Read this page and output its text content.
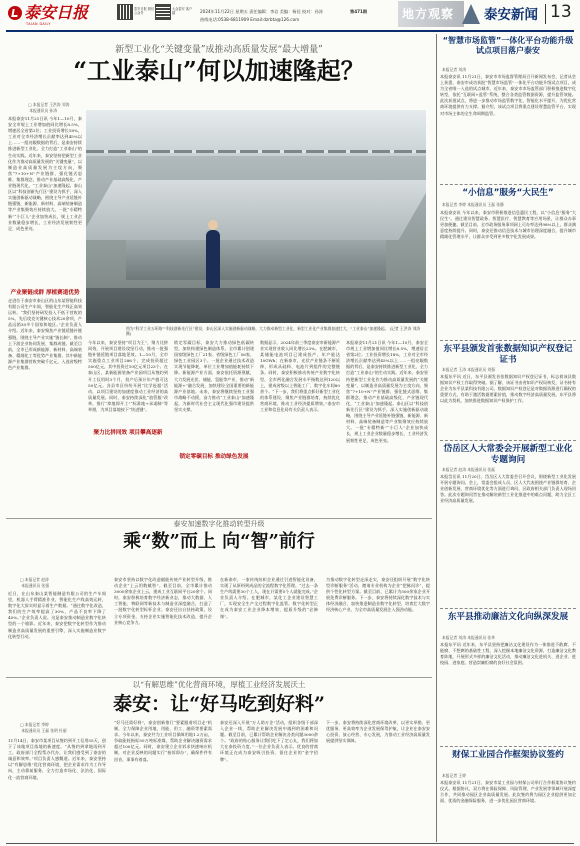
泰安日报
TAIAN DAILY
泰安日报 微信公众号
大众泰安 客户端	2024年11月22日 星期五 责任编辑：李岩 美编：杨佳 校对：孙涛	第471期
热线电话:0538-6811909 Email:dzrbta@126.com	地方观察 泰安新闻 13
新型工业化“关键变量”成推动高质量发展“最大增量”
“工业泰山”何以加速隆起？
□ 本报记者 王洪涛 刘涛
本报通讯员 孙涛
图为“科学工业五环路”“科技创新先行区”建设，泰山区深入实施创新驱动战略，大力推动新型工业化，新型工业化产业集群加速壮大，“工业泰山”加速隆起。 (记者 王洪涛 刘涛 摄)
本报泰安11月21日讯 今年1—10月，泰安全市规上工业增加值同比增长8.5%，增速居全省第2位；工业投资增长18%，工业对全市经济增长贡献率达到45%以上……一组亮眼数据的背后，是泰安持续推进新型工业化、全力打造“工业泰山”的生动实践。近年来，泰安坚持把新型工业化作为推动高质量发展的“关键变量”，以制造业高质量发展为主攻方向，聚焦“7+10+N”产业链群，强化链式思维、集群理念，推动产业基础高级化、产业链现代化，“工业泰山”加速隆起。泰山区以“科技创新先行区”建设为抓手，深入实施创新驱动战略，围绕主导产业延链补链强链，新能源、新材料、高端装备制造等产业集聚效应持续放大。一批“专精特新”“小巨人”企业加快成长，规上工业企业数量稳步增长，工业经济发展韧性更足、成色更亮。
产业聚链成群 厚植赛道优势
走进位于泰安市泰山区的山东某智能科技有限公司生产车间，智能化生产线正高效运转。“我们坚持研发投入不低于营收的5%，先后攻克关键核心技术20余项，产品远销30多个国家和地区。”企业负责人介绍。近年来，泰安聚焦产业链延链补链强链，围绕主导产业实施“链长制”，推动上下游企业协同发展、集群成链。截至目前，全市已形成新能源、新材料、高端装备、精细化工等优势产业集群，其中新能源产业集群营收突破千亿元，入选省级特色产业集群。
今年以来，泰安坚持“项目为王”，聚力比拼同效，开展项目建设攻坚行动，推动一批强链补链延链项目落地见效。1—10月，全市实施重点工业项目286个，完成投资超过500亿元，其中投资过10亿元项目23个。在泰山区，某新能源装备产业园项目从签约到开工仅用时3个月，投产后预计年产值可达50亿元。各县市区纷纷开展“比学赶超”活动，以项目建设的加速度推动工业经济的高质量发展。同时，泰安持续深化“放管服”改革，推行“拿地即开工”“标准地+承诺制”等举措，为项目落地按下“快进键”。
锁定零碳目标，泰安大力推动绿色低碳转型，加快构建绿色制造体系。全市累计创建国家级绿色工厂21家、省级绿色工厂56家，绿色工业园区3个。一批企业通过技术改造实现节能降耗，单位工业增加值能耗持续下降。新能源产业方面，泰安依托资源禀赋，大力发展光伏、储能、氢能等产业，推动“新能源+”融合发展，加快建设全国重要的新能源产业基地。未来，泰安将继续坚持工业强市战略不动摇，奋力推动“工业泰山”加速隆起，为新时代社会主义现代化强市建设提供坚实支撑。
数据显示，2024年前三季度泰安市新能源产业实现营业收入同比增长23%。在肥城市，某储能电池项目已建成投产，年产能达10GWh；在新泰市，光伏产业链条不断延伸，形成从硅料、电池片到组件的完整链条。同时，泰安积极推动传统产业数字化转型，全市两化融合发展水平指数达到120以上，建成省级以上智能工厂、数字化车间80余个。“下一步，我们将重点抓好新型工业化的体系建设，聚焦产业链群培育，持续优化营商环境，推动工业经济提质增效。”泰安市工业和信息化局有关负责人表示。
本报泰安11月21日讯 今年1—10月，泰安全市规上工业增加值同比增长8.5%，增速居全省第2位；工业投资增长18%，工业对全市经济增长贡献率达到45%以上……一组亮眼数据的背后，是泰安持续推进新型工业化、全力打造“工业泰山”的生动实践。近年来，泰安坚持把新型工业化作为推动高质量发展的“关键变量”，以制造业高质量发展为主攻方向，聚焦“7+10+N”产业链群，强化链式思维、集群理念，推动产业基础高级化、产业链现代化，“工业泰山”加速隆起。泰山区以“科技创新先行区”建设为抓手，深入实施创新驱动战略，围绕主导产业延链补链强链，新能源、新材料、高端装备制造等产业集聚效应持续放大。一批“专精特新”“小巨人”企业加快成长，规上工业企业数量稳步增长，工业经济发展韧性更足、成色更亮。
聚力比拼同效 项目攀高逐新
锁定零碳目标 推动绿色发展
泰安加速数字化推动转型升级
乘“数”而上 向“智”前行
□ 本报记者 赵涛
本报通讯员 张强
近日，在山东泰山某智能制造有限公司的生产车间里，机器人手臂精准作业，智能化生产线高效运转，数字化大屏实时显示着生产数据。“通过数字化改造，我们的生产效率提高了30%，产品不良率下降了40%。”企业负责人说。这是泰安推动制造业数字化转型的一个缩影。近年来，泰安把数字化转型作为推动制造业高质量发展的重要引擎，深入实施制造业数字化转型行动。
泰安市坚持以数字化改造赋能传统产业转型升级，推动企业“上云用数赋智”。截至目前，全市累计推动3000余家企业上云，建成工业互联网平台20余个。同时，泰安积极培育数字经济新业态，推动大数据、人工智能、物联网等新技术与制造业深度融合，打造了一批数字化转型标杆企业。泰安还出台扶持政策，设立专项资金，支持企业实施智能化技术改造，提升企业核心竞争力。
在新泰市，一家传统纺织企业通过引进智能化设备，实现了从原料到成品的全流程数字化管理。“过去一条生产线需要30个工人，现在只需要5个人就能完成。”企业负责人介绍。在肥城市，某化工企业建设智慧工厂，实现安全生产全过程数字化监管。数字化转型正在成为泰安工业企业降本增效、提质升级的“必修课”。
为推动数字化转型走深走实，泰安还组织开展“数字化转型诊断服务”活动，邀请专业机构为企业“把脉问诊”，提供个性化转型方案。截至目前，已累计为500余家企业开展免费诊断服务。下一步，泰安将持续深化数字技术与实体经济融合，加快推进制造业数字化转型，培育壮大数字经济核心产业，为全市高质量发展注入强劲动能。
以“有解思维”优化营商环境，厚植工业经济发展沃土
泰安：让“好马吃到好料”
□ 本报记者 李婷
本报通讯员 王磊 张明 杜丽
11月14日，泰安市某项目从签约到开工仅用55天，创下了该地项目落地的新速度。“从签约到拿地再到开工，政府部门全程帮办代办，让我们感受到了泰安的诚意和效率。”项目负责人感慨道。近年来，泰安坚持以“有解思维”优化营商环境，把企业需求作为工作导向，主动靠前服务，全力打造市场化、法治化、国际化一流营商环境。
“好马还需好料”，泰安创新推行“要素跟着项目走”机制，全力保障企业用地、用能、用工、融资等要素需求。今年以来，泰安共为工业项目保障用地1.2万亩，争取能耗指标50万吨标准煤，帮助企业解决融资需求超过100亿元。同时，泰安建立企业诉求快速响应机制，对企业反映的问题实行“接诉即办”，确保件件有回音、事事有着落。
泰安还深入开展“万人助万企”活动，组织各级干部深入企业一线，帮助企业解决发展中遇到的困难和问题。截至目前，已累计帮助企业解决各类问题3000余个。“政府的贴心服务让我们吃下了定心丸，我们将加大在泰投资力度。”一位企业负责人表示。优良的营商环境正在成为泰安吸引投资、留住企业的“金字招牌”。
下一步，泰安将持续深化营商环境改革，以更实举措、更优服务、更高效率为企业发展保驾护航，让企业在泰安安心投资、放心经营、专心发展，为推动工业经济高质量发展提供坚实保障。
“智慧市场监管”一体化平台功能升级试点项目落户泰安
本报记者 刘涛
本报泰安讯 11月21日，泰安市市场监督管理局召开新闻发布会，记者从会上获悉，泰安市成功获批“智慧市场监管”一体化平台功能升级试点项目，成为全省唯一入选的试点城市。近年来，泰安市市场监管部门积极推进数字化转型，依托“互联网+监管”系统，整合各类监管数据资源，提升监管效能。此次获批试点，将进一步推动市场监管数字化、智能化水平提升，为优化营商环境提供有力支撑。据介绍，该试点项目将重点建设智慧监管平台，实现对市场主体的全生命周期监管。
“小信息”服务“大民生”
本报记者 李婷 本报通讯员 王磊 张静
本报泰安讯 今年以来，泰安市积极推进信息惠民工程，以“小信息”服务“大民生”。通过建设智慧政务、智慧医疗、智慧教育等应用场景，让群众办事更加便捷。截至目前，全市政务服务事项网上可办率达到98%以上，群众满意度持续提升。同时，泰安还推动信息技术与城市治理深度融合，提升城市精细化管理水平，让群众享受到更多数字化发展成果。
东平县颁发首张数据知识产权登记证书
本报记者 王涛 本报通讯员 刘强
本报东平讯 近日，东平县颁发首张数据知识产权登记证书，标志着该县数据知识产权工作取得突破。据了解，该证书由省知识产权局核发，证书持有企业为东平县某科技有限公司。数据知识产权登记是对数据资源进行确权的重要方式，有助于激活数据要素价值，推动数字经济高质量发展。东平县将以此为契机，加快推进数据知识产权保护工作。
岱岳区人大常委会开展新型工业化专题询问
本报记者 赵涛 本报通讯员 张磊
本报岱岳讯 11月20日，岱岳区人大常委会召开会议，围绕新型工业化发展开展专题询问。会上，常委会组成人员、区人大代表围绕产业链群培育、企业创新发展、营商环境优化等方面进行询问，区政府相关部门负责人现场回答。此次专题询问旨在推动解决新型工业化推进中的难点问题，助力全区工业经济高质量发展。
东平县推动廉洁文化向纵深发展
本报记者 刘涛 本报通讯员 张华
本报东平讯 近年来，东平县坚持把廉洁文化建设作为一体推进不敢腐、不能腐、不想腐的基础性工程，深入挖掘本地廉洁文化资源，打造廉洁文化教育阵地，开展形式多样的廉洁文化活动，推动廉洁文化进机关、进企业、进校园、进家庭，营造崇廉拒腐的良好社会氛围。
财保工业园合作框架协议签约
本报记者 王婷
本报泰安讯 11月21日，泰安市某工业园与财保公司举行合作框架协议签约仪式。根据协议，双方将在保险保障、风险管理、产业发展等领域开展深度合作，共同推动园区企业高质量发展。此次签约将为园区企业提供更加全面、优质的金融保险服务，进一步优化园区营商环境。
